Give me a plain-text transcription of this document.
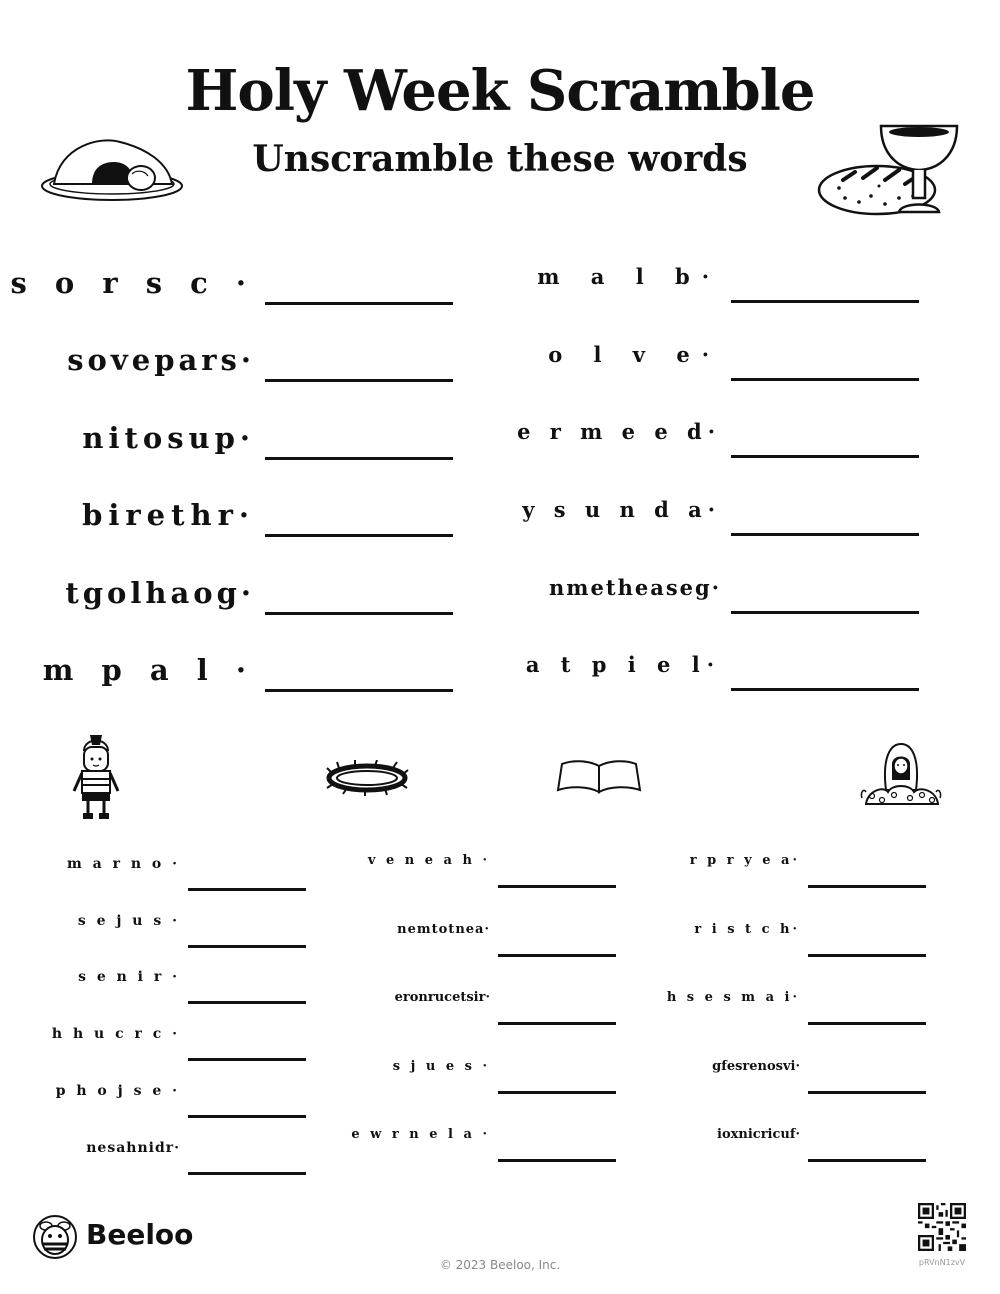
Holy Week Scramble
Unscramble these words
s o r s c ·
sovepars·
nitosup·
birethr·
tgolhaog·
m p a l ·
m a l b·
o l v e·
e r m e e d·
y s u n d a·
nmetheaseg·
a t p i e l·
m a r n o ·
s e j u s ·
s e n i r ·
h h u c r c ·
p h o j s e ·
nesahnidr·
v e n e a h ·
nemtotnea·
eronrucetsir·
s j u e s ·
e w r n e l a ·
r p r y e a·
r i s t c h·
h s e s m a i·
gfesrenosvi·
ioxnicricuf·
Beeloo
© 2023 Beeloo, Inc.	pRVnN1zvV
